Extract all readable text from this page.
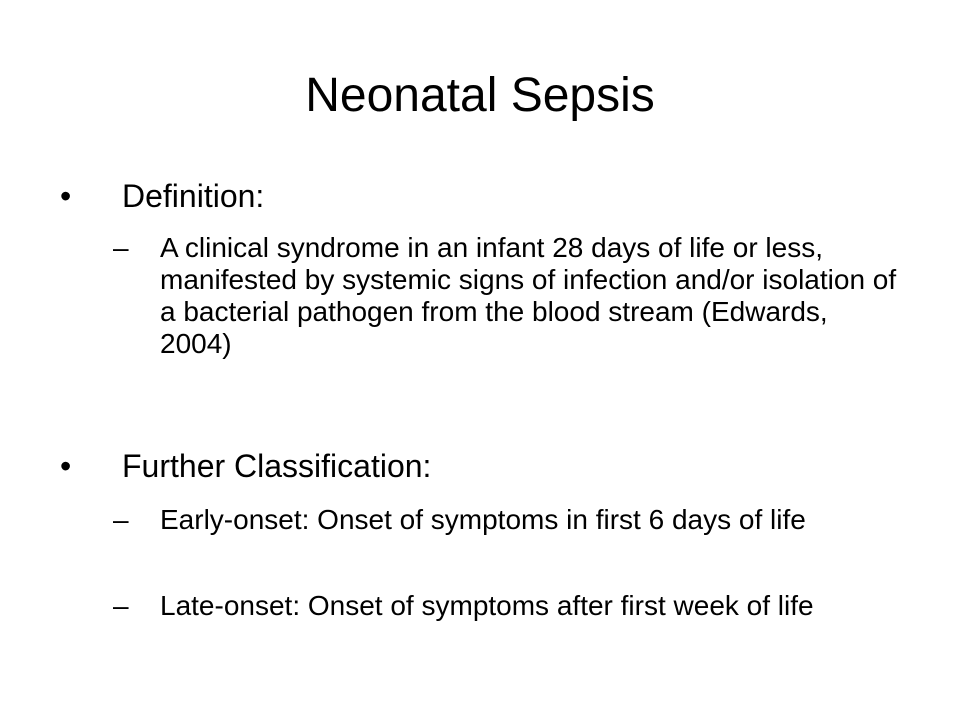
Neonatal Sepsis
• Definition:
– A clinical syndrome in an infant 28 days of life or less, manifested by systemic signs of infection and/or isolation of a bacterial pathogen from the blood stream (Edwards, 2004)
• Further Classification:
– Early-onset: Onset of symptoms in first 6 days of life
– Late-onset: Onset of symptoms after first week of life
